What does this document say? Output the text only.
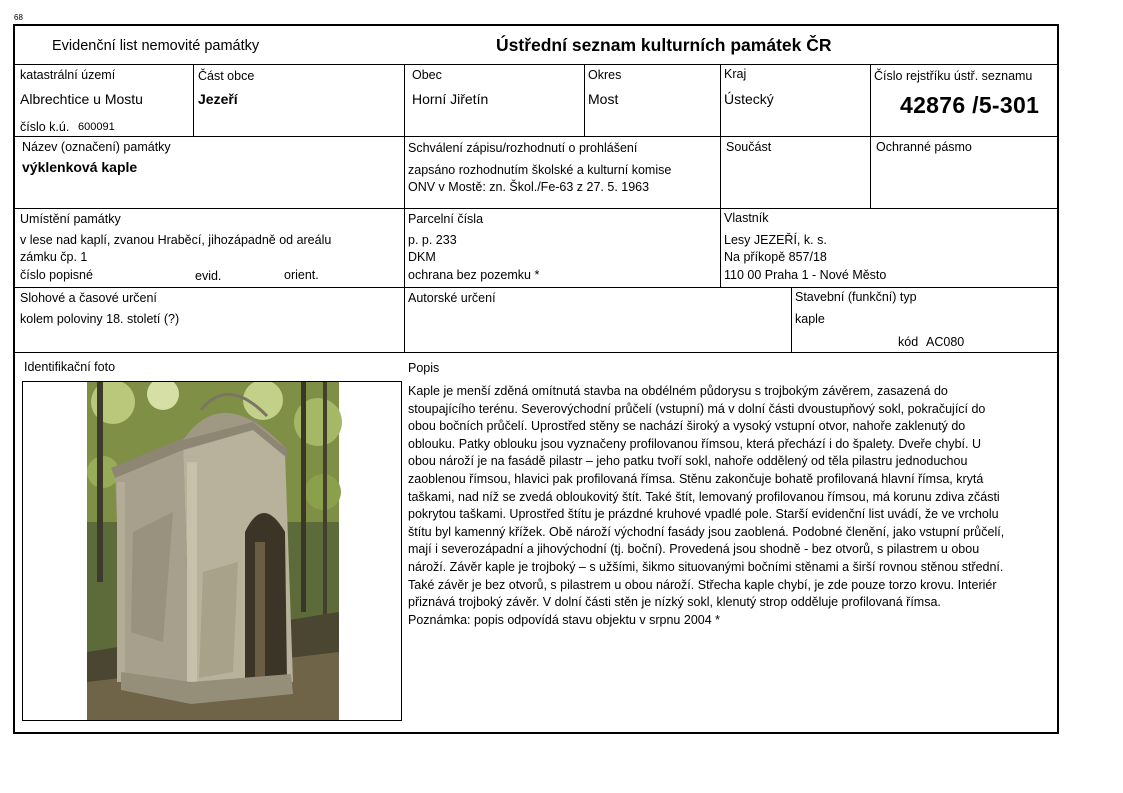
68
Evidenční list nemovité památky	Ústřední seznam kulturních památek ČR
katastrální území
Albrechtice u Mostu
číslo k.ú. 600091
Část obce
Jezeří
Obec
Horní Jiřetín
Okres
Most
Kraj
Ústecký
Číslo rejstříku ústř. seznamu
42876 /5-301
Název (označení) památky
výklenková kaple
Schválení zápisu/rozhodnutí o prohlášení
zapsáno rozhodnutím školské a kulturní komise
ONV v Mostě: zn. Škol./Fe-63 z 27. 5. 1963
Součást	Ochranné pásmo
Umístění památky
v lese nad kaplí, zvanou Hraběcí, jihozápadně od areálu
zámku čp. 1
číslo popisné	evid.	orient.
Parcelní čísla
p. p. 233
DKM
ochrana bez pozemku *
Vlastník
Lesy JEZEŘÍ, k. s.
Na příkopě 857/18
110 00 Praha 1 - Nové Město
Slohové a časové určení
kolem poloviny 18. století (?)
Autorské určení	Stavební (funkční) typ
kaple
kód AC080
Identifikační foto	Popis
Kaple je menší zděná omítnutá stavba na obdélném půdorysu s trojbokým závěrem, zasazená do
stoupajícího terénu. Severovýchodní průčelí (vstupní) má v dolní části dvoustupňový sokl, pokračující do
obou bočních průčelí. Uprostřed stěny se nachází široký a vysoký vstupní otvor, nahoře zaklenutý do
oblouku. Patky oblouku jsou vyznačeny profilovanou římsou, která přechází i do špalety. Dveře chybí. U
obou nároží je na fasádě pilastr – jeho patku tvoří sokl, nahoře oddělený od těla pilastru jednoduchou
zaoblenou římsou, hlavici pak profilovaná římsa. Stěnu zakončuje bohatě profilovaná hlavní římsa, krytá
taškami, nad níž se zvedá obloukovitý štít. Také štít, lemovaný profilovanou římsou, má korunu zdiva zčásti
pokrytou taškami. Uprostřed štítu je prázdné kruhové vpadlé pole. Starší evidenční list uvádí, že ve vrcholu
štítu byl kamenný křížek. Obě nároží východní fasády jsou zaoblená. Podobné členění, jako vstupní průčelí,
mají i severozápadní a jihovýchodní (tj. boční). Provedená jsou shodně - bez otvorů, s pilastrem u obou
nároží. Závěr kaple je trojboký – s užšími, šikmo situovanými bočními stěnami a širší rovnou stěnou střední.
Také závěr je bez otvorů, s pilastrem u obou nároží. Střecha kaple chybí, je zde pouze torzo krovu. Interiér
přiznává trojboký závěr. V dolní části stěn je nízký sokl, klenutý strop odděluje profilovaná římsa.
Poznámka: popis odpovídá stavu objektu v srpnu 2004 *
